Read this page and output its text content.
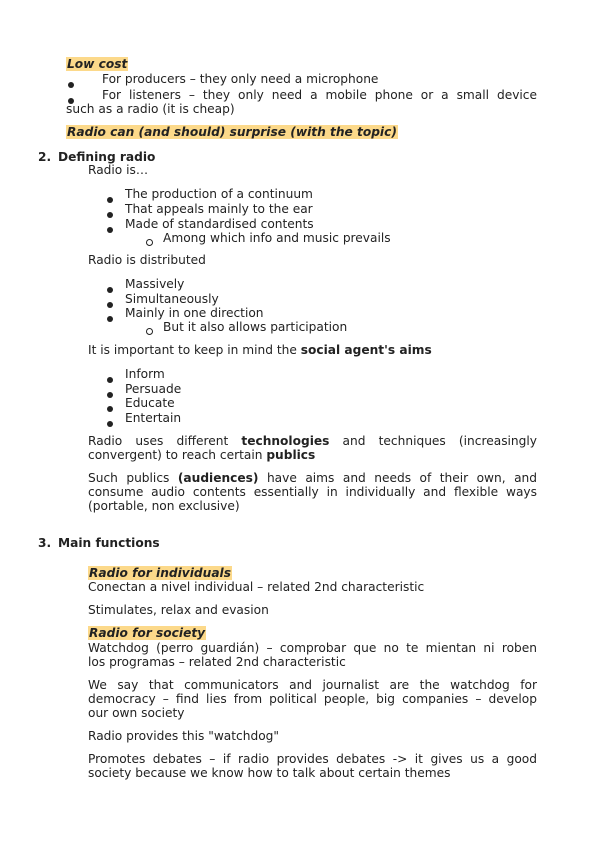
Low cost

For producers – they only need a microphone

For listeners – they only need a mobile phone or a small device

such as a radio (it is cheap)

Radio can (and should) surprise (with the topic)

2. Defining radio

Radio is…

The production of a continuum

That appeals mainly to the ear

Made of standardised contents

Among which info and music prevails

Radio is distributed

Massively

Simultaneously

Mainly in one direction

But it also allows participation

It is important to keep in mind the social agent's aims

Inform

Persuade

Educate

Entertain

Radio uses different technologies and techniques (increasingly

convergent) to reach certain publics

Such publics (audiences) have aims and needs of their own, and

consume audio contents essentially in individually and flexible ways

(portable, non exclusive)

3. Main functions

Radio for individuals

Conectan a nivel individual – related 2nd characteristic

Stimulates, relax and evasion

Radio for society

Watchdog (perro guardián) – comprobar que no te mientan ni roben

los programas – related 2nd characteristic

We say that communicators and journalist are the watchdog for

democracy – find lies from political people, big companies – develop

our own society

Radio provides this "watchdog"

Promotes debates – if radio provides debates -> it gives us a good

society because we know how to talk about certain themes
